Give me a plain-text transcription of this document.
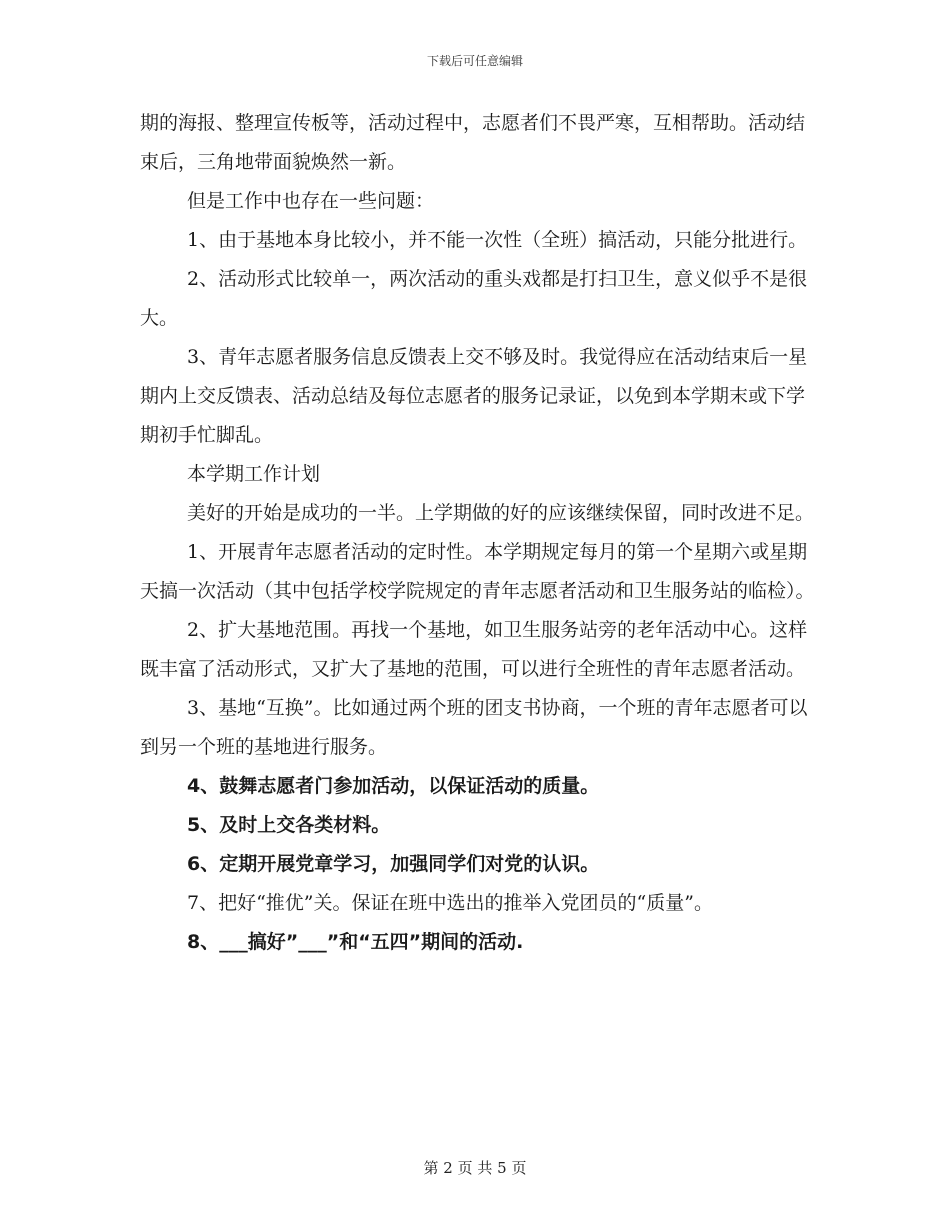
下载后可任意编辑

期的海报、整理宣传板等，活动过程中，志愿者们不畏严寒，互相帮助。活动结束后，三角地带面貌焕然一新。

但是工作中也存在一些问题：

1、由于基地本身比较小，并不能一次性（全班）搞活动，只能分批进行。

2、活动形式比较单一，两次活动的重头戏都是打扫卫生，意义似乎不是很大。

3、青年志愿者服务信息反馈表上交不够及时。我觉得应在活动结束后一星期内上交反馈表、活动总结及每位志愿者的服务记录证，以免到本学期末或下学期初手忙脚乱。

本学期工作计划

美好的开始是成功的一半。上学期做的好的应该继续保留，同时改进不足。

1、开展青年志愿者活动的定时性。本学期规定每月的第一个星期六或星期天搞一次活动（其中包括学校学院规定的青年志愿者活动和卫生服务站的临检）。

2、扩大基地范围。再找一个基地，如卫生服务站旁的老年活动中心。这样既丰富了活动形式，又扩大了基地的范围，可以进行全班性的青年志愿者活动。

3、基地“互换”。比如通过两个班的团支书协商，一个班的青年志愿者可以到另一个班的基地进行服务。

4、鼓舞志愿者门参加活动，以保证活动的质量。

5、及时上交各类材料。

6、定期开展党章学习，加强同学们对党的认识。

7、把好“推优”关。保证在班中选出的推举入党团员的“质量”。

8、___搞好”___”和“五四”期间的活动.

第 2 页 共 5 页
